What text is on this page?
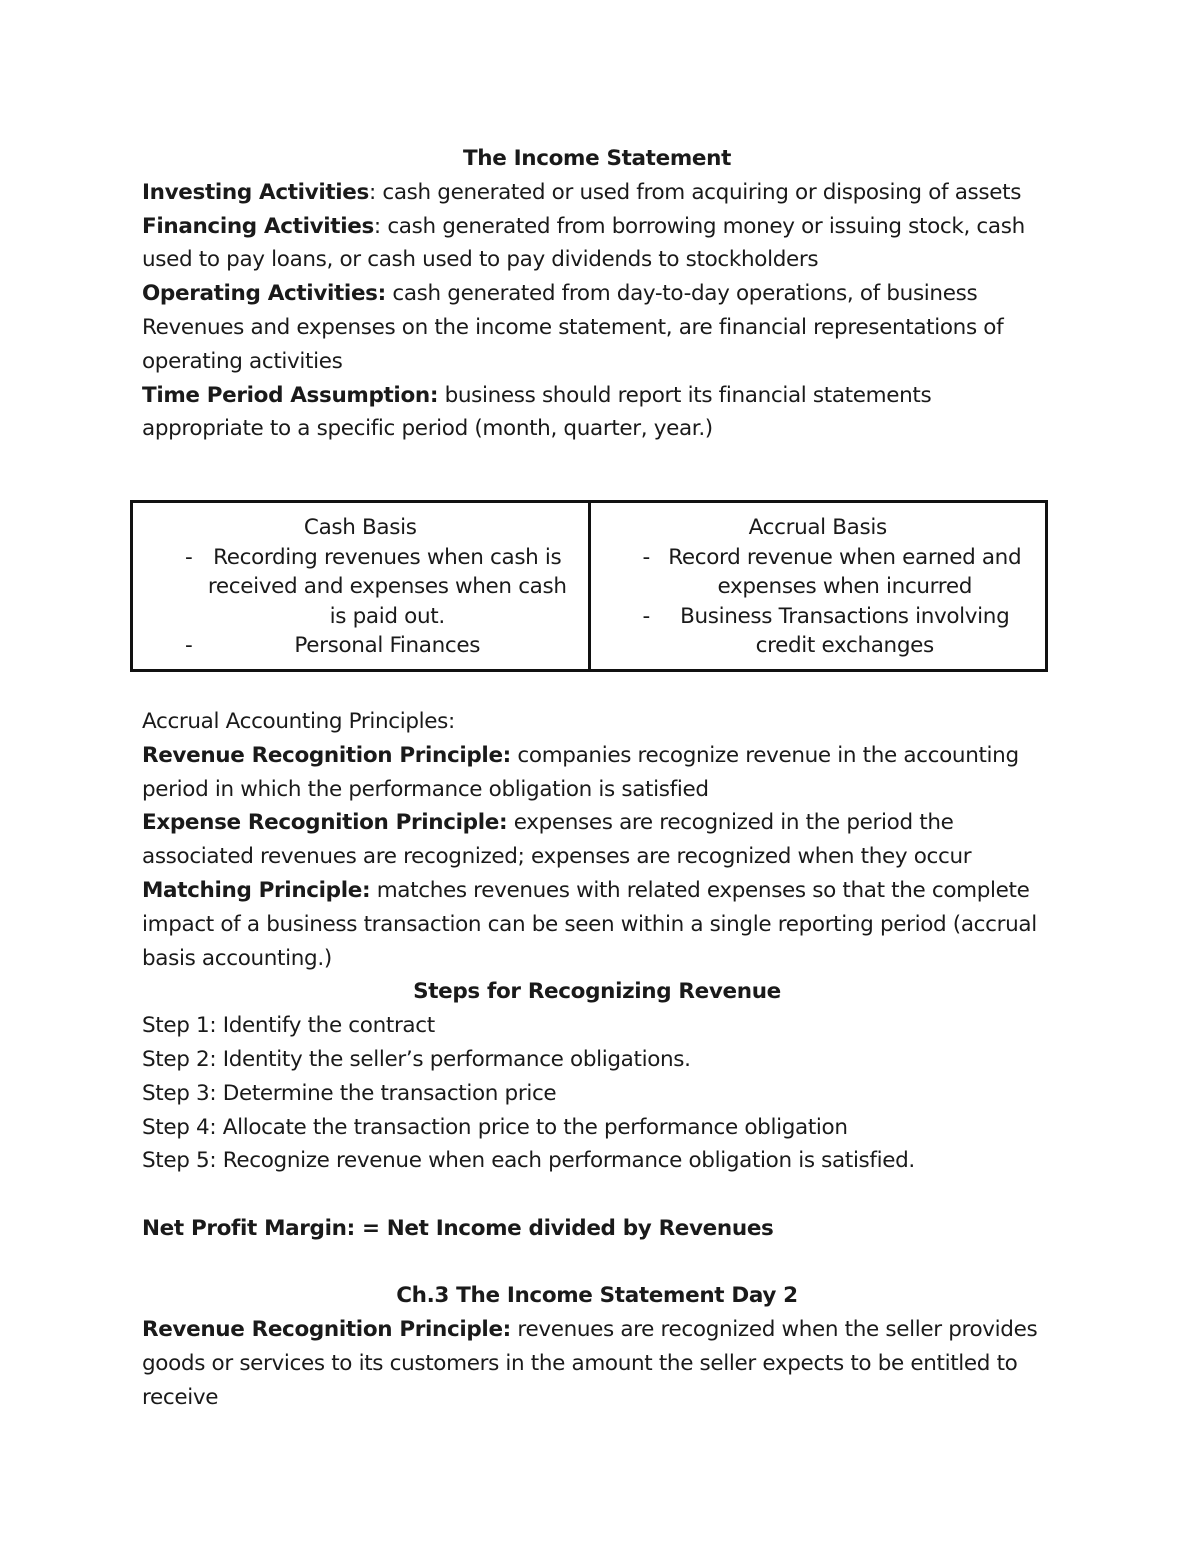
The Income Statement

Investing Activities: cash generated or used from acquiring or disposing of assets

Financing Activities: cash generated from borrowing money or issuing stock, cash used to pay loans, or cash used to pay dividends to stockholders

Operating Activities: cash generated from day-to-day operations, of business

Revenues and expenses on the income statement, are financial representations of operating activities

Time Period Assumption: business should report its financial statements appropriate to a specific period (month, quarter, year.)

Cash Basis
- Recording revenues when cash is received and expenses when cash is paid out.
- Personal Finances

Accrual Basis
- Record revenue when earned and expenses when incurred
- Business Transactions involving credit exchanges

Accrual Accounting Principles:

Revenue Recognition Principle: companies recognize revenue in the accounting period in which the performance obligation is satisfied

Expense Recognition Principle: expenses are recognized in the period the associated revenues are recognized; expenses are recognized when they occur

Matching Principle: matches revenues with related expenses so that the complete impact of a business transaction can be seen within a single reporting period (accrual basis accounting.)

Steps for Recognizing Revenue

Step 1: Identify the contract

Step 2: Identity the seller’s performance obligations.

Step 3: Determine the transaction price

Step 4: Allocate the transaction price to the performance obligation

Step 5: Recognize revenue when each performance obligation is satisfied.

Net Profit Margin: = Net Income divided by Revenues

Ch.3 The Income Statement Day 2

Revenue Recognition Principle: revenues are recognized when the seller provides goods or services to its customers in the amount the seller expects to be entitled to receive
